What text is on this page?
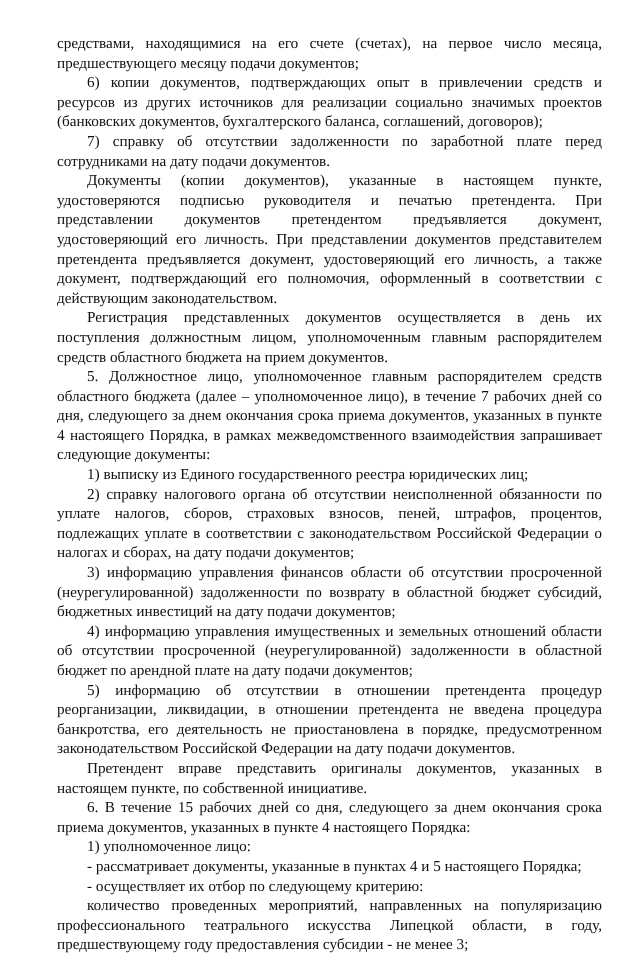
средствами, находящимися на его счете (счетах), на первое число месяца, предшествующего месяцу подачи документов;

6) копии документов, подтверждающих опыт в привлечении средств и ресурсов из других источников для реализации социально значимых проектов (банковских документов, бухгалтерского баланса, соглашений, договоров);

7) справку об отсутствии задолженности по заработной плате перед сотрудниками на дату подачи документов.

Документы (копии документов), указанные в настоящем пункте, удостоверяются подписью руководителя и печатью претендента. При представлении документов претендентом предъявляется документ, удостоверяющий его личность. При представлении документов представителем претендента предъявляется документ, удостоверяющий его личность, а также документ, подтверждающий его полномочия, оформленный в соответствии с действующим законодательством.

Регистрация представленных документов осуществляется в день их поступления должностным лицом, уполномоченным главным распорядителем средств областного бюджета на прием документов.

5. Должностное лицо, уполномоченное главным распорядителем средств областного бюджета (далее – уполномоченное лицо), в течение 7 рабочих дней со дня, следующего за днем окончания срока приема документов, указанных в пункте 4 настоящего Порядка, в рамках межведомственного взаимодействия запрашивает следующие документы:

1) выписку из Единого государственного реестра юридических лиц;

2) справку налогового органа об отсутствии неисполненной обязанности по уплате налогов, сборов, страховых взносов, пеней, штрафов, процентов, подлежащих уплате в соответствии с законодательством Российской Федерации о налогах и сборах, на дату подачи документов;

3) информацию управления финансов области об отсутствии просроченной (неурегулированной) задолженности по возврату в областной бюджет субсидий, бюджетных инвестиций на дату подачи документов;

4) информацию управления имущественных и земельных отношений области об отсутствии просроченной (неурегулированной) задолженности в областной бюджет по арендной плате на дату подачи документов;

5) информацию об отсутствии в отношении претендента процедур реорганизации, ликвидации, в отношении претендента не введена процедура банкротства, его деятельность не приостановлена в порядке, предусмотренном законодательством Российской Федерации на дату подачи документов.

Претендент вправе представить оригиналы документов, указанных в настоящем пункте, по собственной инициативе.

6. В течение 15 рабочих дней со дня, следующего за днем окончания срока приема документов, указанных в пункте 4 настоящего Порядка:

1) уполномоченное лицо:

- рассматривает документы, указанные в пунктах 4 и 5 настоящего Порядка;

- осуществляет их отбор по следующему критерию:

количество проведенных мероприятий, направленных на популяризацию профессионального театрального искусства Липецкой области, в году, предшествующему году предоставления субсидии - не менее 3;
